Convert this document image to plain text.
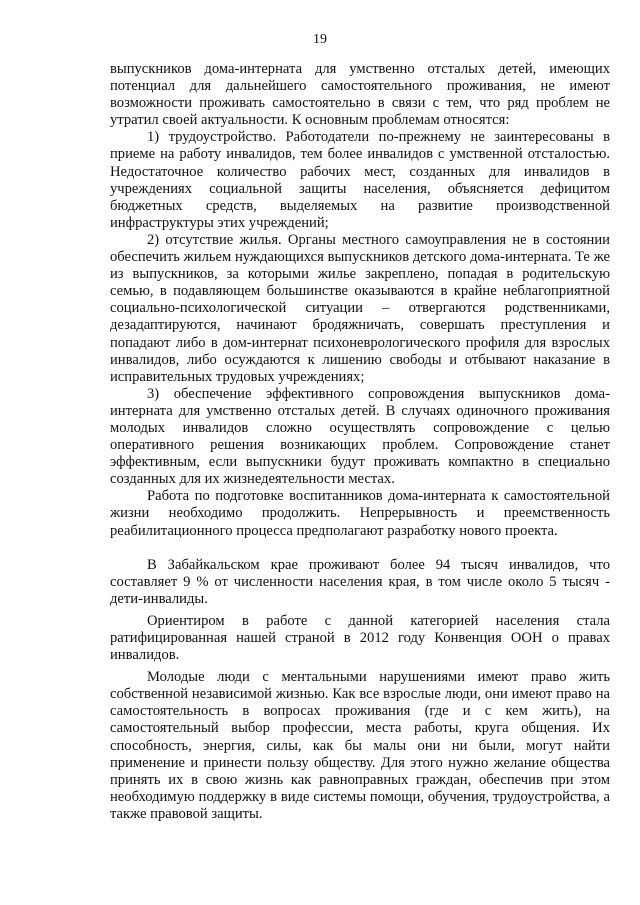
19

выпускников дома-интерната для умственно отсталых детей, имеющих потенциал для дальнейшего самостоятельного проживания, не имеют возможности проживать самостоятельно в связи с тем, что ряд проблем не утратил своей актуальности. К основным проблемам относятся:

1) трудоустройство. Работодатели по-прежнему не заинтересованы в приеме на работу инвалидов, тем более инвалидов с умственной отсталостью. Недостаточное количество рабочих мест, созданных для инвалидов в учреждениях социальной защиты населения, объясняется дефицитом бюджетных средств, выделяемых на развитие производственной инфраструктуры этих учреждений;

2) отсутствие жилья. Органы местного самоуправления не в состоянии обеспечить жильем нуждающихся выпускников детского дома-интерната. Те же из выпускников, за которыми жилье закреплено, попадая в родительскую семью, в подавляющем большинстве оказываются в крайне неблагоприятной социально-психологической ситуации – отвергаются родственниками, дезадаптируются, начинают бродяжничать, совершать преступления и попадают либо в дом-интернат психоневрологического профиля для взрослых инвалидов, либо осуждаются к лишению свободы и отбывают наказание в исправительных трудовых учреждениях;

3) обеспечение эффективного сопровождения выпускников дома-интерната для умственно отсталых детей. В случаях одиночного проживания молодых инвалидов сложно осуществлять сопровождение с целью оперативного решения возникающих проблем. Сопровождение станет эффективным, если выпускники будут проживать компактно в специально созданных для их жизнедеятельности местах.

Работа по подготовке воспитанников дома-интерната к самостоятельной жизни необходимо продолжить. Непрерывность и преемственность реабилитационного процесса предполагают разработку нового проекта.

В Забайкальском крае проживают более 94 тысяч инвалидов, что составляет 9 % от численности населения края, в том числе около 5 тысяч - дети-инвалиды.

Ориентиром в работе с данной категорией населения стала ратифицированная нашей страной в 2012 году Конвенция ООН о правах инвалидов.

Молодые люди с ментальными нарушениями имеют право жить собственной независимой жизнью. Как все взрослые люди, они имеют право на самостоятельность в вопросах проживания (где и с кем жить), на самостоятельный выбор профессии, места работы, круга общения. Их способность, энергия, силы, как бы малы они ни были, могут найти применение и принести пользу обществу. Для этого нужно желание общества принять их в свою жизнь как равноправных граждан, обеспечив при этом необходимую поддержку в виде системы помощи, обучения, трудоустройства, а также правовой защиты.
